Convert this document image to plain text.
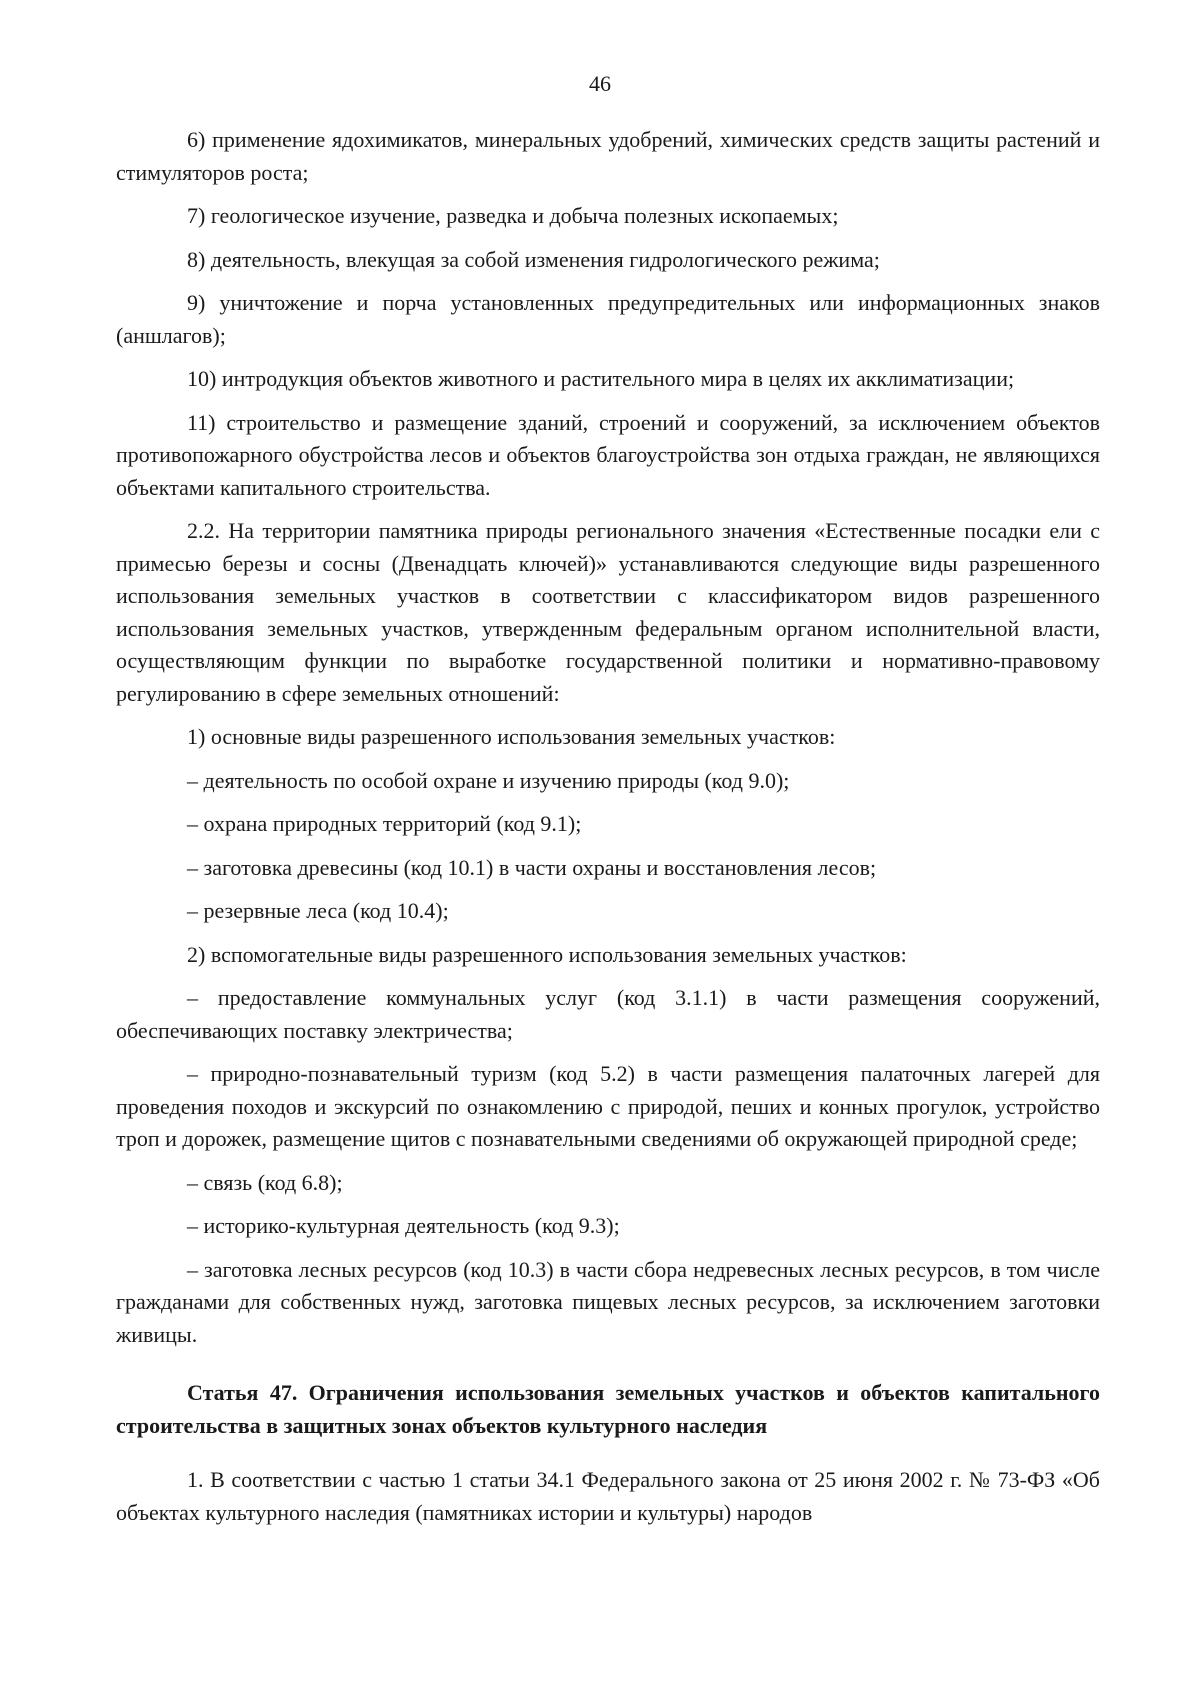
46

6) применение ядохимикатов, минеральных удобрений, химических средств защиты растений и стимуляторов роста;

7) геологическое изучение, разведка и добыча полезных ископаемых;

8) деятельность, влекущая за собой изменения гидрологического режима;

9) уничтожение и порча установленных предупредительных или информационных знаков (аншлагов);

10) интродукция объектов животного и растительного мира в целях их акклиматизации;

11) строительство и размещение зданий, строений и сооружений, за исключением объектов противопожарного обустройства лесов и объектов благоустройства зон отдыха граждан, не являющихся объектами капитального строительства.

2.2. На территории памятника природы регионального значения «Естественные посадки ели с примесью березы и сосны (Двенадцать ключей)» устанавливаются следующие виды разрешенного использования земельных участков в соответствии с классификатором видов разрешенного использования земельных участков, утвержденным федеральным органом исполнительной власти, осуществляющим функции по выработке государственной политики и нормативно-правовому регулированию в сфере земельных отношений:

1) основные виды разрешенного использования земельных участков:

– деятельность по особой охране и изучению природы (код 9.0);

– охрана природных территорий (код 9.1);

– заготовка древесины (код 10.1) в части охраны и восстановления лесов;

– резервные леса (код 10.4);

2) вспомогательные виды разрешенного использования земельных участков:

– предоставление коммунальных услуг (код 3.1.1) в части размещения сооружений, обеспечивающих поставку электричества;

– природно-познавательный туризм (код 5.2) в части размещения палаточных лагерей для проведения походов и экскурсий по ознакомлению с природой, пеших и конных прогулок, устройство троп и дорожек, размещение щитов с познавательными сведениями об окружающей природной среде;

– связь (код 6.8);

– историко-культурная деятельность (код 9.3);

– заготовка лесных ресурсов (код 10.3) в части сбора недревесных лесных ресурсов, в том числе гражданами для собственных нужд, заготовка пищевых лесных ресурсов, за исключением заготовки живицы.

Статья 47. Ограничения использования земельных участков и объектов капитального строительства в защитных зонах объектов культурного наследия

1. В соответствии с частью 1 статьи 34.1 Федерального закона от 25 июня 2002 г. № 73-ФЗ «Об объектах культурного наследия (памятниках истории и культуры) народов
